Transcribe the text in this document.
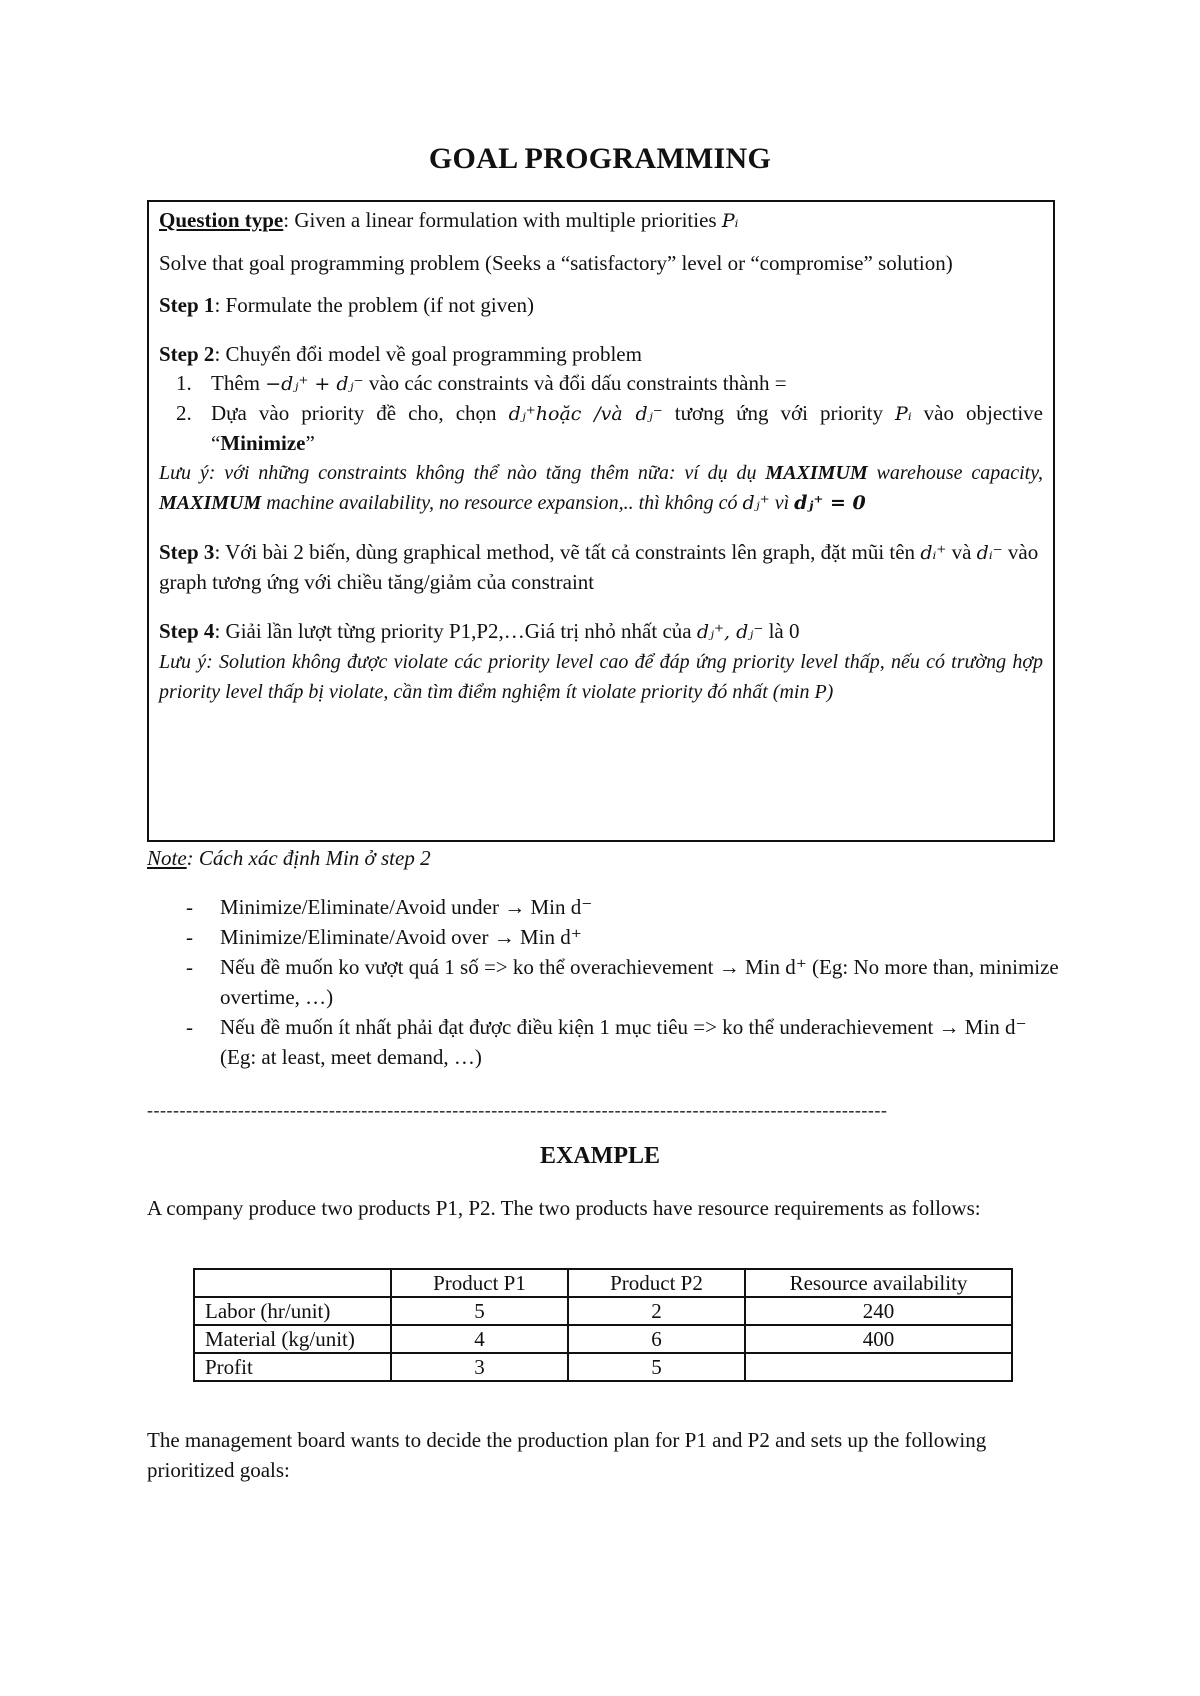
GOAL PROGRAMMING

Question type: Given a linear formulation with multiple priorities Pᵢ

Solve that goal programming problem (Seeks a “satisfactory” level or “compromise” solution)

Step 1: Formulate the problem (if not given)

Step 2: Chuyển đổi model về goal programming problem

1. Thêm −dⱼ⁺ + dⱼ⁻ vào các constraints và đổi dấu constraints thành =
2. Dựa vào priority đề cho, chọn dⱼ⁺hoặc /và dⱼ⁻ tương ứng với priority Pᵢ vào objective “Minimize”

Lưu ý: với những constraints không thể nào tăng thêm nữa: ví dụ dụ MAXIMUM warehouse capacity, MAXIMUM machine availability, no resource expansion,.. thì không có dⱼ⁺ vì dⱼ⁺ = 0

Step 3: Với bài 2 biến, dùng graphical method, vẽ tất cả constraints lên graph, đặt mũi tên dᵢ⁺ và dᵢ⁻ vào graph tương ứng với chiều tăng/giảm của constraint

Step 4: Giải lần lượt từng priority P1,P2,…Giá trị nhỏ nhất của dⱼ⁺, dⱼ⁻ là 0

Lưu ý: Solution không được violate các priority level cao để đáp ứng priority level thấp, nếu có trường hợp priority level thấp bị violate, cần tìm điểm nghiệm ít violate priority đó nhất (min P)

Note: Cách xác định Min ở step 2
- Minimize/Eliminate/Avoid under → Min d⁻
- Minimize/Eliminate/Avoid over → Min d⁺
- Nếu đề muốn ko vượt quá 1 số => ko thể overachievement → Min d⁺ (Eg: No more than, minimize overtime, …)
- Nếu đề muốn ít nhất phải đạt được điều kiện 1 mục tiêu => ko thể underachievement → Min d⁻ (Eg: at least, meet demand, …)
------------------------------------------------------------------------------------------------------------------
EXAMPLE
A company produce two products P1, P2. The two products have resource requirements as follows:
	Product P1	Product P2	Resource availability
Labor (hr/unit)	5	2	240
Material (kg/unit)	4	6	400
Profit	3	5	
The management board wants to decide the production plan for P1 and P2 and sets up the following prioritized goals:
